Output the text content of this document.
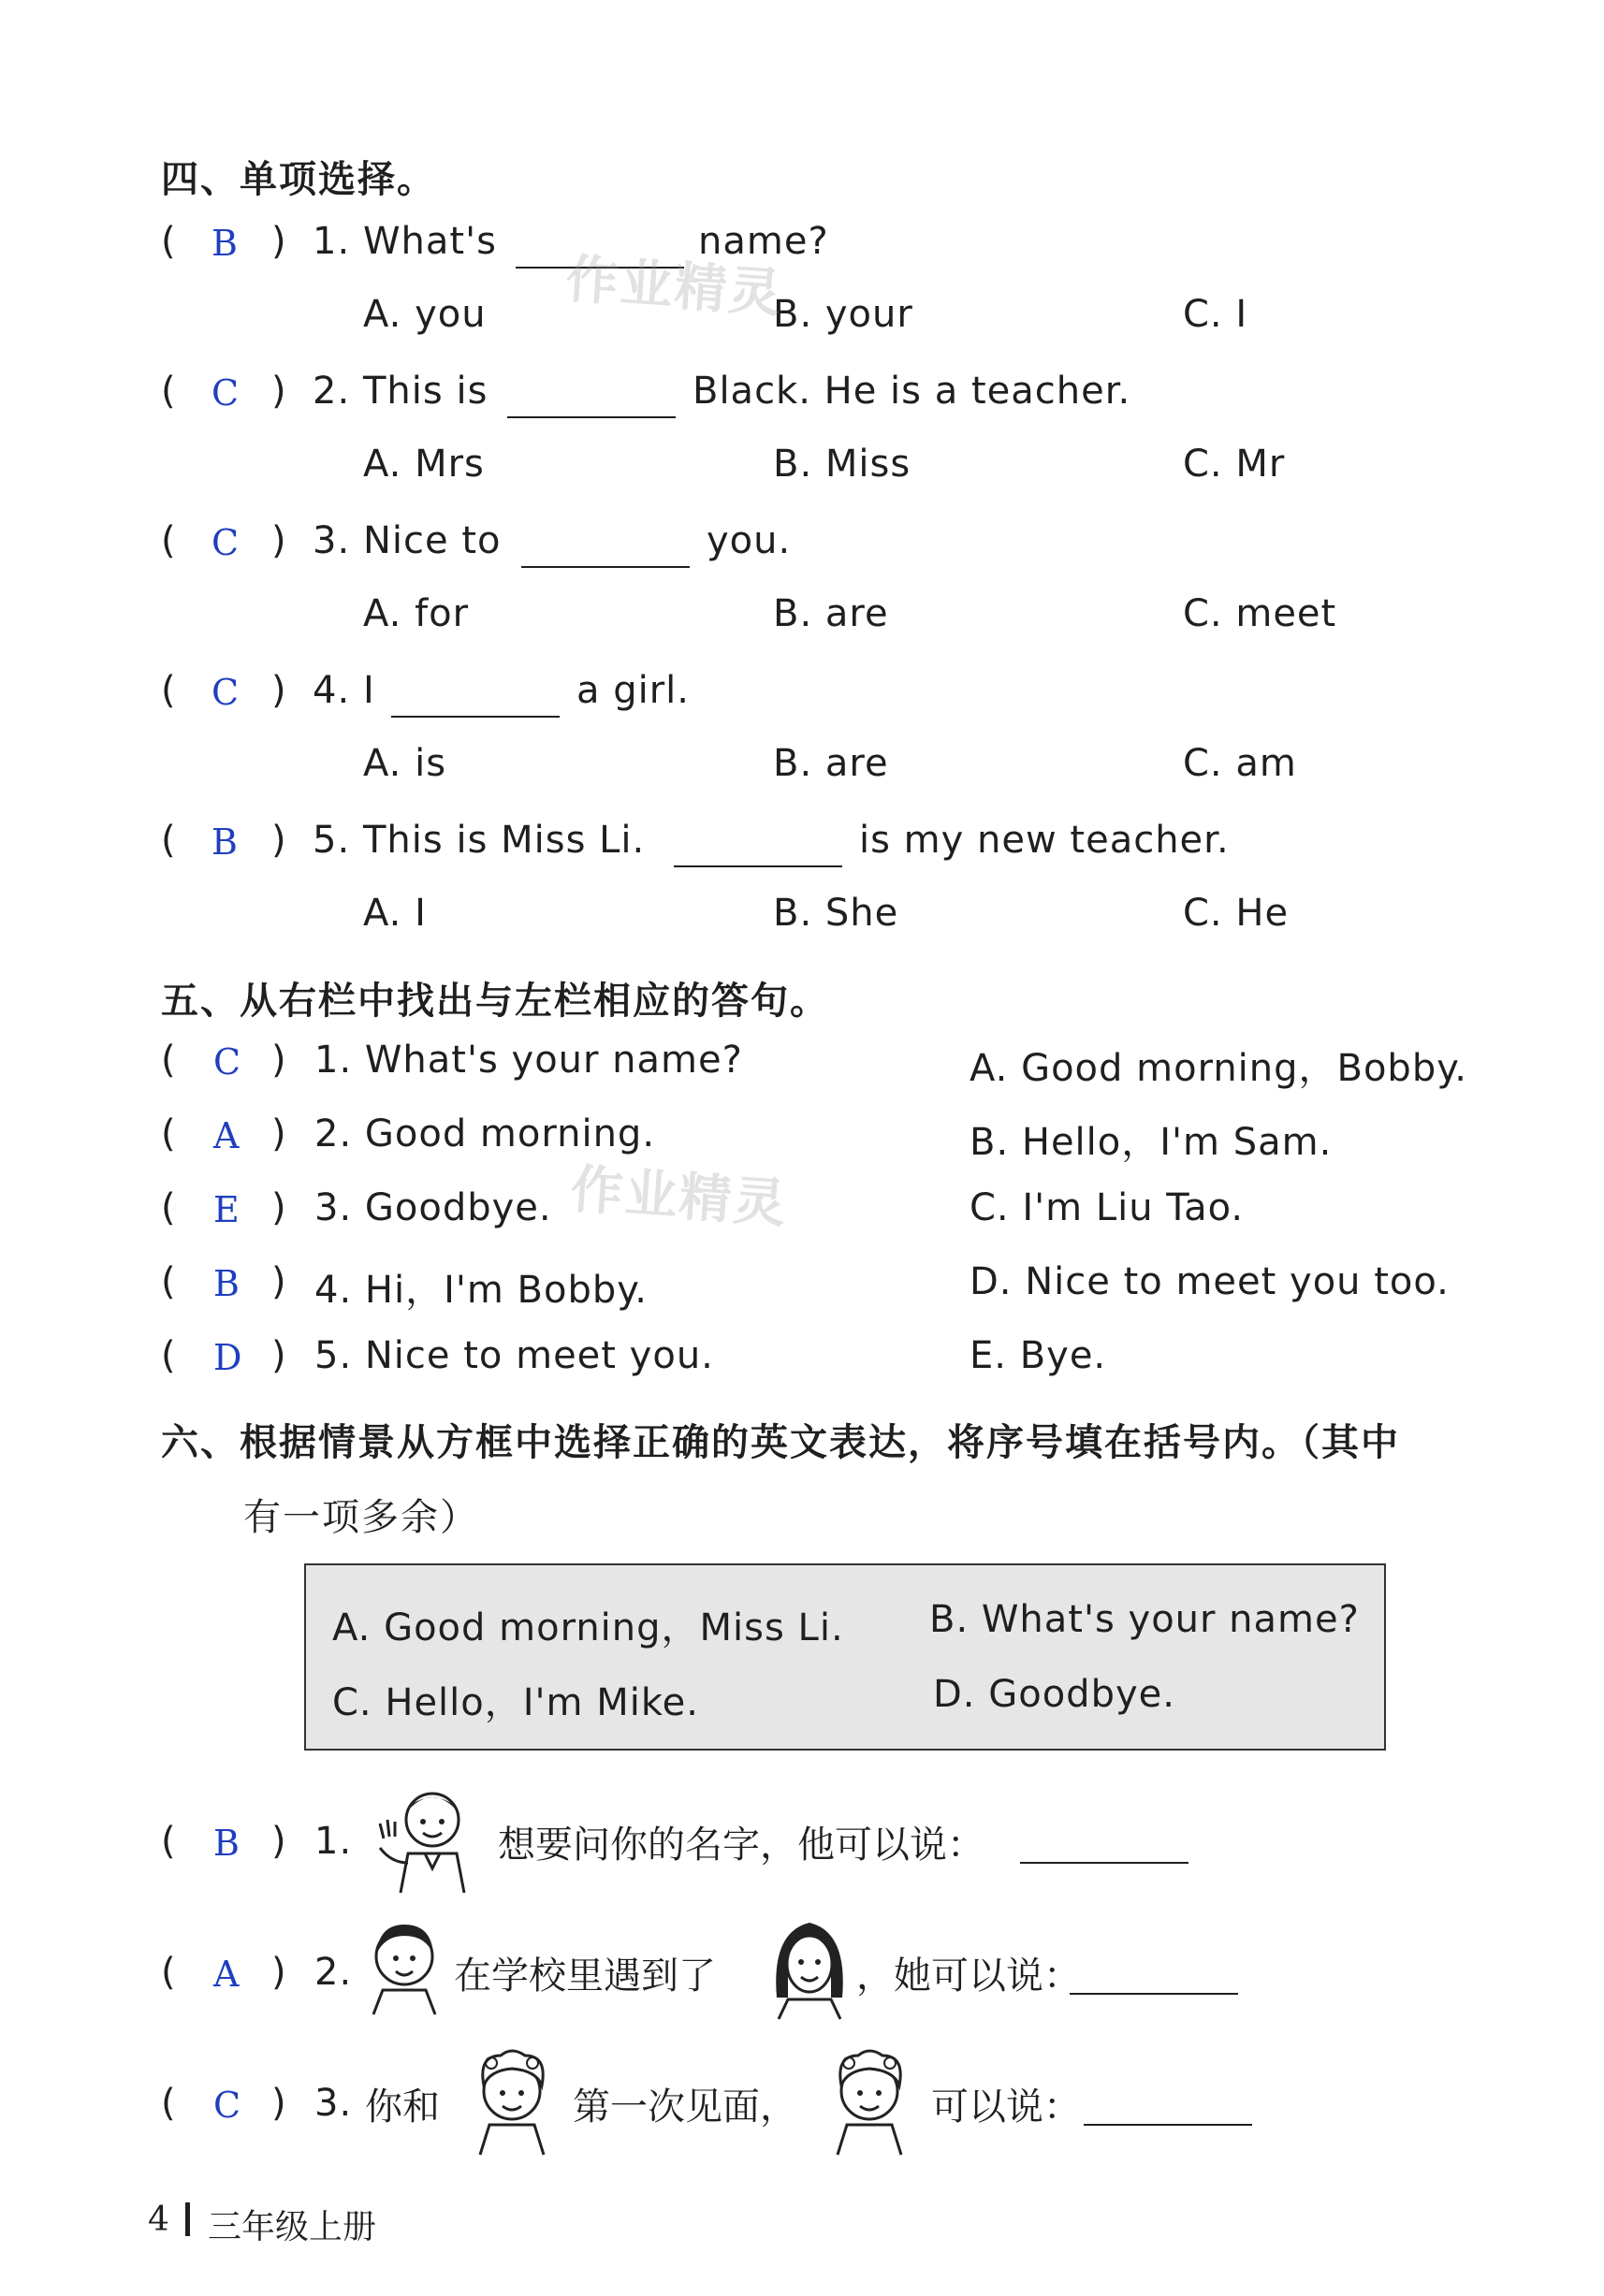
四、单项选择。
( B ) 1. What's	name?
A. you	B. your	C. I
( C ) 2. This is	Black. He is a teacher.
A. Mrs	B. Miss	C. Mr
( C ) 3. Nice to	you.
A. for	B. are	C. meet
( C ) 4. I	a girl.
A. is	B. are	C. am
( B ) 5. This is Miss Li.	is my new teacher.
A. I	B. She	C. He
五、从右栏中找出与左栏相应的答句。
( C ) 1. What's your name?	A. Good morning，Bobby.
( A ) 2. Good morning.	B. Hello，I'm Sam.
( E ) 3. Goodbye.	C. I'm Liu Tao.
( B ) 4. Hi，I'm Bobby.	D. Nice to meet you too.
( D ) 5. Nice to meet you.	E. Bye.
六、根据情景从方框中选择正确的英文表达，将序号填在括号内。（其中
有一项多余）
A. Good morning，Miss Li. B. What's your name?
C. Hello，I'm Mike.	D. Goodbye.
( B ) 1.	想要问你的名字，他可以说：
( A ) 2.	在学校里遇到了	，她可以说：
( C ) 3. 你和	第一次见面，	可以说：
作业精灵
作业精灵
4 三年级上册
